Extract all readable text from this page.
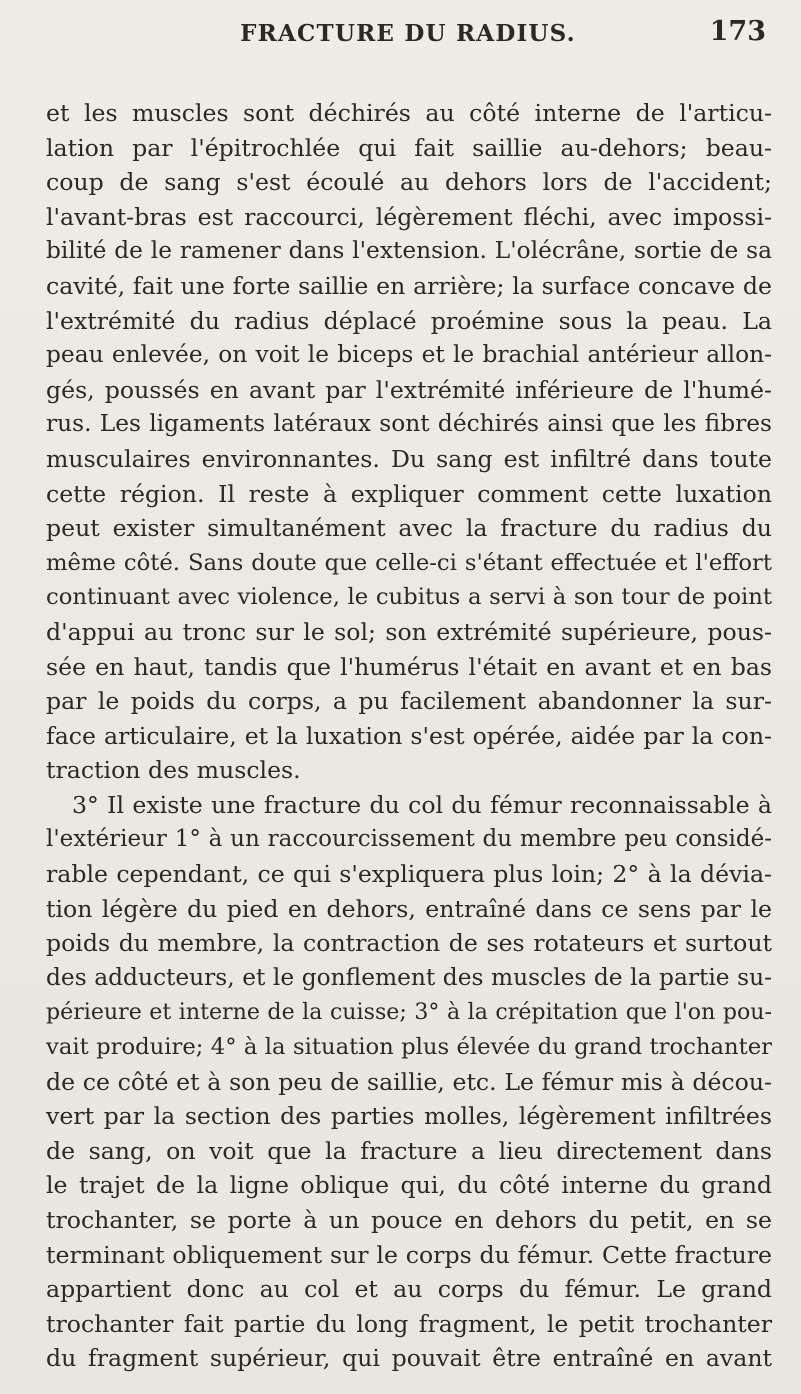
FRACTURE DU RADIUS.	173
et les muscles sont déchirés au côté interne de l'articu-
lation par l'épitrochlée qui fait saillie au-dehors; beau-
coup de sang s'est écoulé au dehors lors de l'accident;
l'avant-bras est raccourci, légèrement fléchi, avec impossi-
bilité de le ramener dans l'extension. L'olécrâne, sortie de sa
cavité, fait une forte saillie en arrière; la surface concave de
l'extrémité du radius déplacé proémine sous la peau. La
peau enlevée, on voit le biceps et le brachial antérieur allon-
gés, poussés en avant par l'extrémité inférieure de l'humé-
rus. Les ligaments latéraux sont déchirés ainsi que les fibres
musculaires environnantes. Du sang est infiltré dans toute
cette région. Il reste à expliquer comment cette luxation
peut exister simultanément avec la fracture du radius du
même côté. Sans doute que celle-ci s'étant effectuée et l'effort
continuant avec violence, le cubitus a servi à son tour de point
d'appui au tronc sur le sol; son extrémité supérieure, pous-
sée en haut, tandis que l'humérus l'était en avant et en bas
par le poids du corps, a pu facilement abandonner la sur-
face articulaire, et la luxation s'est opérée, aidée par la con-
traction des muscles.
3° Il existe une fracture du col du fémur reconnaissable à
l'extérieur 1° à un raccourcissement du membre peu considé-
rable cependant, ce qui s'expliquera plus loin; 2° à la dévia-
tion légère du pied en dehors, entraîné dans ce sens par le
poids du membre, la contraction de ses rotateurs et surtout
des adducteurs, et le gonflement des muscles de la partie su-
périeure et interne de la cuisse; 3° à la crépitation que l'on pou-
vait produire; 4° à la situation plus élevée du grand trochanter
de ce côté et à son peu de saillie, etc. Le fémur mis à décou-
vert par la section des parties molles, légèrement infiltrées
de sang, on voit que la fracture a lieu directement dans
le trajet de la ligne oblique qui, du côté interne du grand
trochanter, se porte à un pouce en dehors du petit, en se
terminant obliquement sur le corps du fémur. Cette fracture
appartient donc au col et au corps du fémur. Le grand
trochanter fait partie du long fragment, le petit trochanter
du fragment supérieur, qui pouvait être entraîné en avant
